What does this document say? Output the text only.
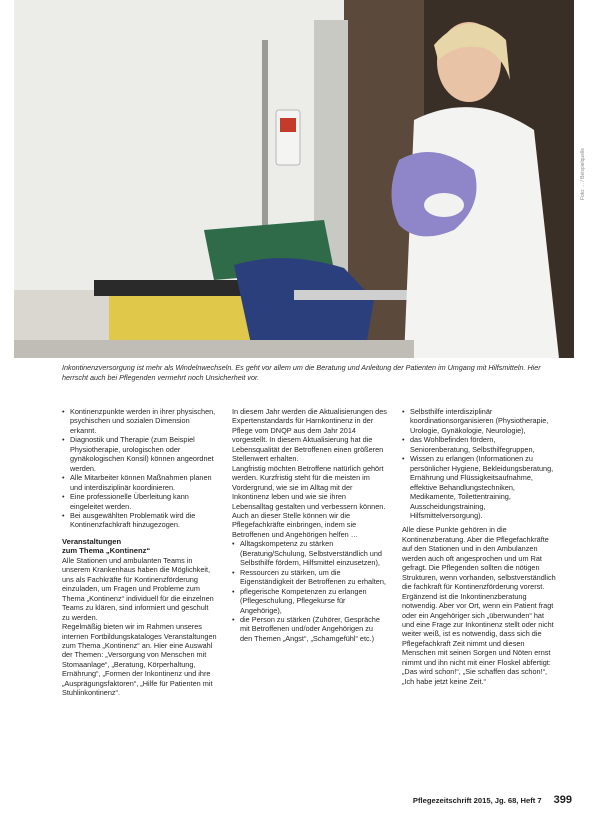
Foto: ... / Beispielquelle
Inkontinenzversorgung ist mehr als Windelnwechseln. Es geht vor allem um die Beratung und Anleitung der Patienten im Umgang mit Hilfsmitteln. Hier herrscht auch bei Pflegenden vermehrt noch Unsicherheit vor.
• Kontinenzpunkte werden in ihrer physischen, psychischen und sozialen Dimension erkannt.
• Diagnostik und Therapie (zum Beispiel Physiotherapie, urologischen oder gynäkologischen Konsil) können angeordnet werden.
• Alle Mitarbeiter können Maßnahmen planen und interdisziplinär koordinieren.
• Eine professionelle Überleitung kann eingeleitet werden.
• Bei ausgewählten Problematik wird die Kontinenzfachkraft hinzugezogen.
Veranstaltungen
zum Thema „Kontinenz“

Alle Stationen und ambulanten Teams in unserem Krankenhaus haben die Möglichkeit, uns als Fachkräfte für Kontinenzförderung einzuladen, um Fragen und Probleme zum Thema „Kontinenz“ individuell für die einzelnen Teams zu klären, sind informiert und geschult zu werden.

Regelmäßig bieten wir im Rahmen unseres internen Fortbildungskataloges Veranstaltungen zum Thema „Kontinenz“ an. Hier eine Auswahl der Themen: „Versorgung von Menschen mit Stomaanlage“, „Beratung, Körperhaltung, Ernährung“, „Formen der Inkontinenz und ihre „Ausprägungsfaktoren“, „Hilfe für Patienten mit Stuhlinkontinenz“.

In diesem Jahr werden die Aktualisierungen des Expertenstandards für Harnkontinenz in der Pflege vom DNQP aus dem Jahr 2014 vorgestellt. In diesem Aktualisierung hat die Lebensqualität der Betroffenen einen größeren Stellenwert erhalten.

Langfristig möchten Betroffene natürlich gehört werden. Kurzfristig steht für die meisten im Vordergrund, wie sie im Alltag mit der Inkontinenz leben und wie sie ihren Lebensalltag gestalten und verbessern können. Auch an dieser Stelle können wir die Pflegefachkräfte einbringen, indem sie Betroffenen und Angehörigen helfen …

• Alltagskompetenz zu stärken (Beratung/Schulung, Selbstverständlich und Selbsthilfe fördern, Hilfsmittel einzusetzen),
• Ressourcen zu stärken, um die Eigenständigkeit der Betroffenen zu erhalten,
• pflegerische Kompetenzen zu erlangen (Pflegeschulung, Pflegekurse für Angehörige),
• die Person zu stärken (Zuhörer, Gespräche mit Betroffenen und/oder Angehörigen zu den Themen „Angst“, „Schamgefühl“ etc.)
• Selbsthilfe interdisziplinär koordinationsorganisieren (Physiotherapie, Urologie, Gynäkologie, Neurologie),
• das Wohlbefinden fördern, Seniorenberatung, Selbsthilfegruppen,
• Wissen zu erlangen (Informationen zu persönlicher Hygiene, Bekleidungsberatung, Ernährung und Flüssigkeitsaufnahme, effektive Behandlungstechniken, Medikamente, Toilettentraining, Ausscheidungstraining, Hilfsmittelversorgung).

Alle diese Punkte gehören in die Kontinenzberatung. Aber die Pflegefachkräfte auf den Stationen und in den Ambulanzen werden auch oft angesprochen und um Rat gefragt. Die Pflegenden sollten die nötigen Strukturen, wenn vorhanden, selbstverständlich die fachkraft für Kontinenzförderung vorerst. Ergänzend ist die Inkontinenzberatung notwendig. Aber vor Ort, wenn ein Patient fragt oder ein Angehöriger sich „überwunden“ hat und eine Frage zur Inkontinenz stellt oder nicht weiter weiß, ist es notwendig, dass sich die Pflegefachkraft Zeit nimmt und diesen Menschen mit seinen Sorgen und Nöten ernst nimmt und ihn nicht mit einer Floskel abfertigt: „Das wird schon!“, „Sie schaffen das schon!“, „Ich habe jetzt keine Zeit.“

Pflegezeitschrift 2015, Jg. 68, Heft 7 399
